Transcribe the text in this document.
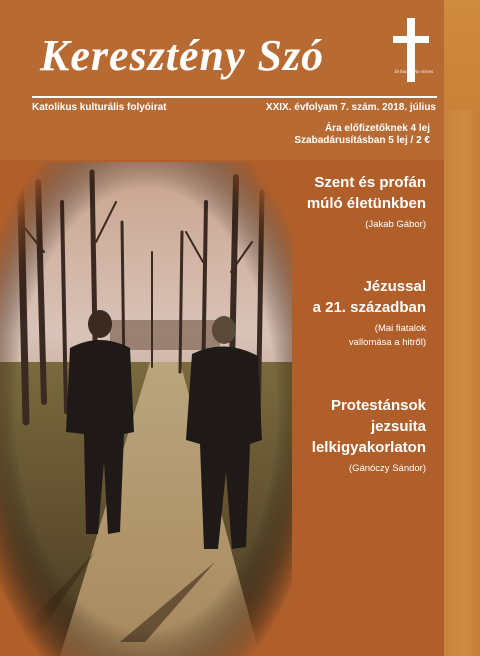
Keresztény Szó	In hoc signo vinces
Katolikus kulturális folyóirat	XXIX. évfolyam 7. szám. 2018. július
Ára előfizetőknek 4 lej
Szabadárusításban 5 lej / 2 €
Szent és profán
múló életünkben
(Jakab Gábor)
Jézussal
a 21. században
(Mai fiatalok
vallomása a hitről)
Protestánsok
jezsuita
lelkigyakorlaton
(Gánóczy Sándor)
